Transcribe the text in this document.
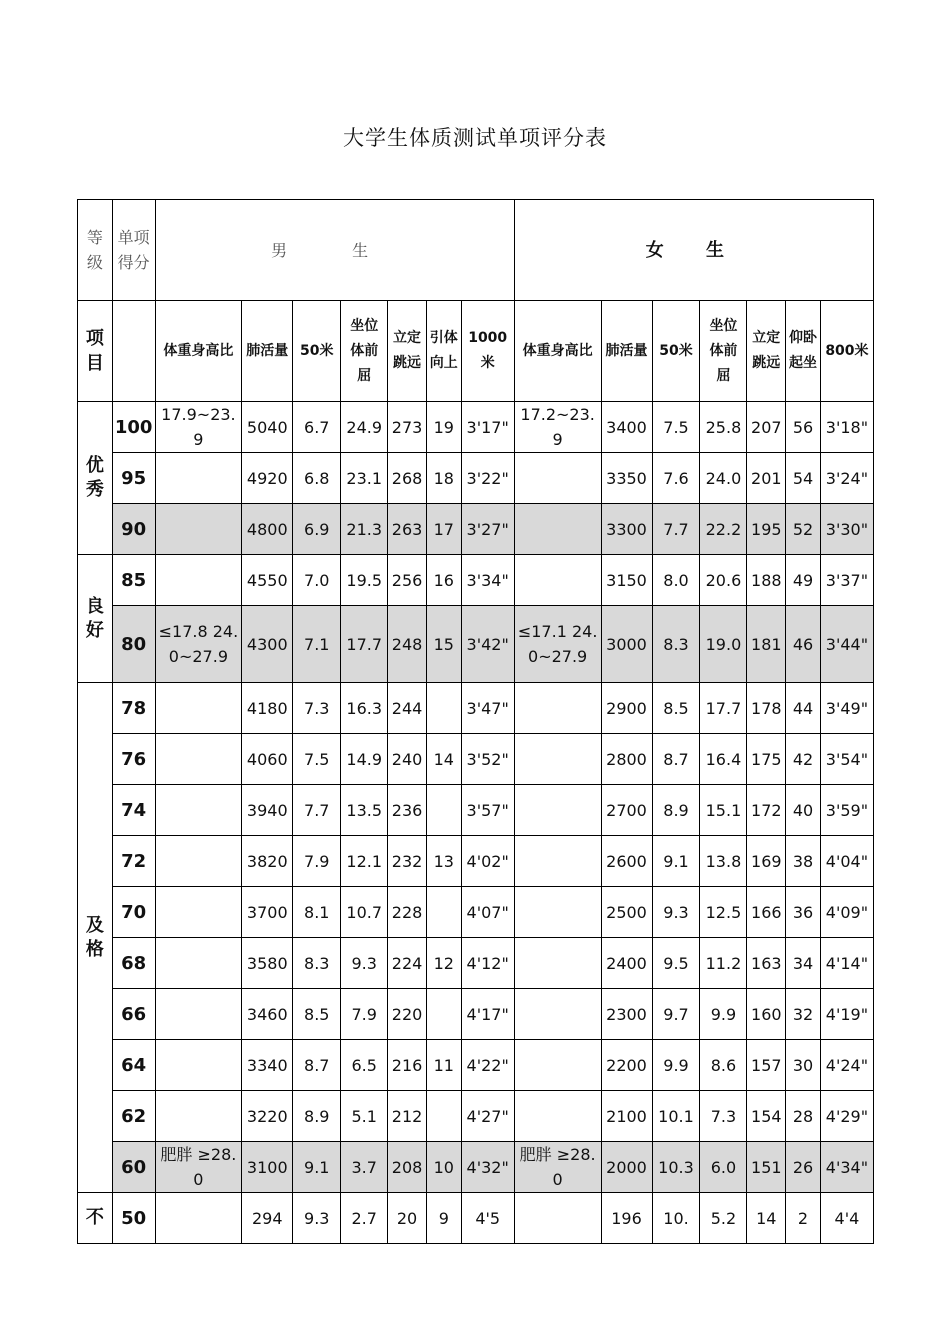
大学生体质测试单项评分表
等级	单项得分	男 生							女 生						
项目		体重身高比	肺活量	50米	坐位体前屈	立定跳远	引体向上	1000米	体重身高比	肺活量	50米	坐位体前屈	立定跳远	仰卧起坐	800米
优秀	100	17.9~23.9	5040	6.7	24.9	273	19	3'17"	17.2~23.9	3400	7.5	25.8	207	56	3'18"
	95		4920	6.8	23.1	268	18	3'22"		3350	7.6	24.0	201	54	3'24"
	90		4800	6.9	21.3	263	17	3'27"		3300	7.7	22.2	195	52	3'30"
良好	85		4550	7.0	19.5	256	16	3'34"		3150	8.0	20.6	188	49	3'37"
	80	≤17.8 24.0~27.9	4300	7.1	17.7	248	15	3'42"	≤17.1 24.0~27.9	3000	8.3	19.0	181	46	3'44"
及格	78		4180	7.3	16.3	244		3'47"		2900	8.5	17.7	178	44	3'49"
	76		4060	7.5	14.9	240	14	3'52"		2800	8.7	16.4	175	42	3'54"
	74		3940	7.7	13.5	236		3'57"		2700	8.9	15.1	172	40	3'59"
	72		3820	7.9	12.1	232	13	4'02"		2600	9.1	13.8	169	38	4'04"
	70		3700	8.1	10.7	228		4'07"		2500	9.3	12.5	166	36	4'09"
	68		3580	8.3	9.3	224	12	4'12"		2400	9.5	11.2	163	34	4'14"
	66		3460	8.5	7.9	220		4'17"		2300	9.7	9.9	160	32	4'19"
	64		3340	8.7	6.5	216	11	4'22"		2200	9.9	8.6	157	30	4'24"
	62		3220	8.9	5.1	212		4'27"		2100	10.1	7.3	154	28	4'29"
	60	肥胖 ≥28.0	3100	9.1	3.7	208	10	4'32"	肥胖 ≥28.0	2000	10.3	6.0	151	26	4'34"
不	50		294	9.3	2.7	20	9	4'5		196	10.	5.2	14	2	4'4
